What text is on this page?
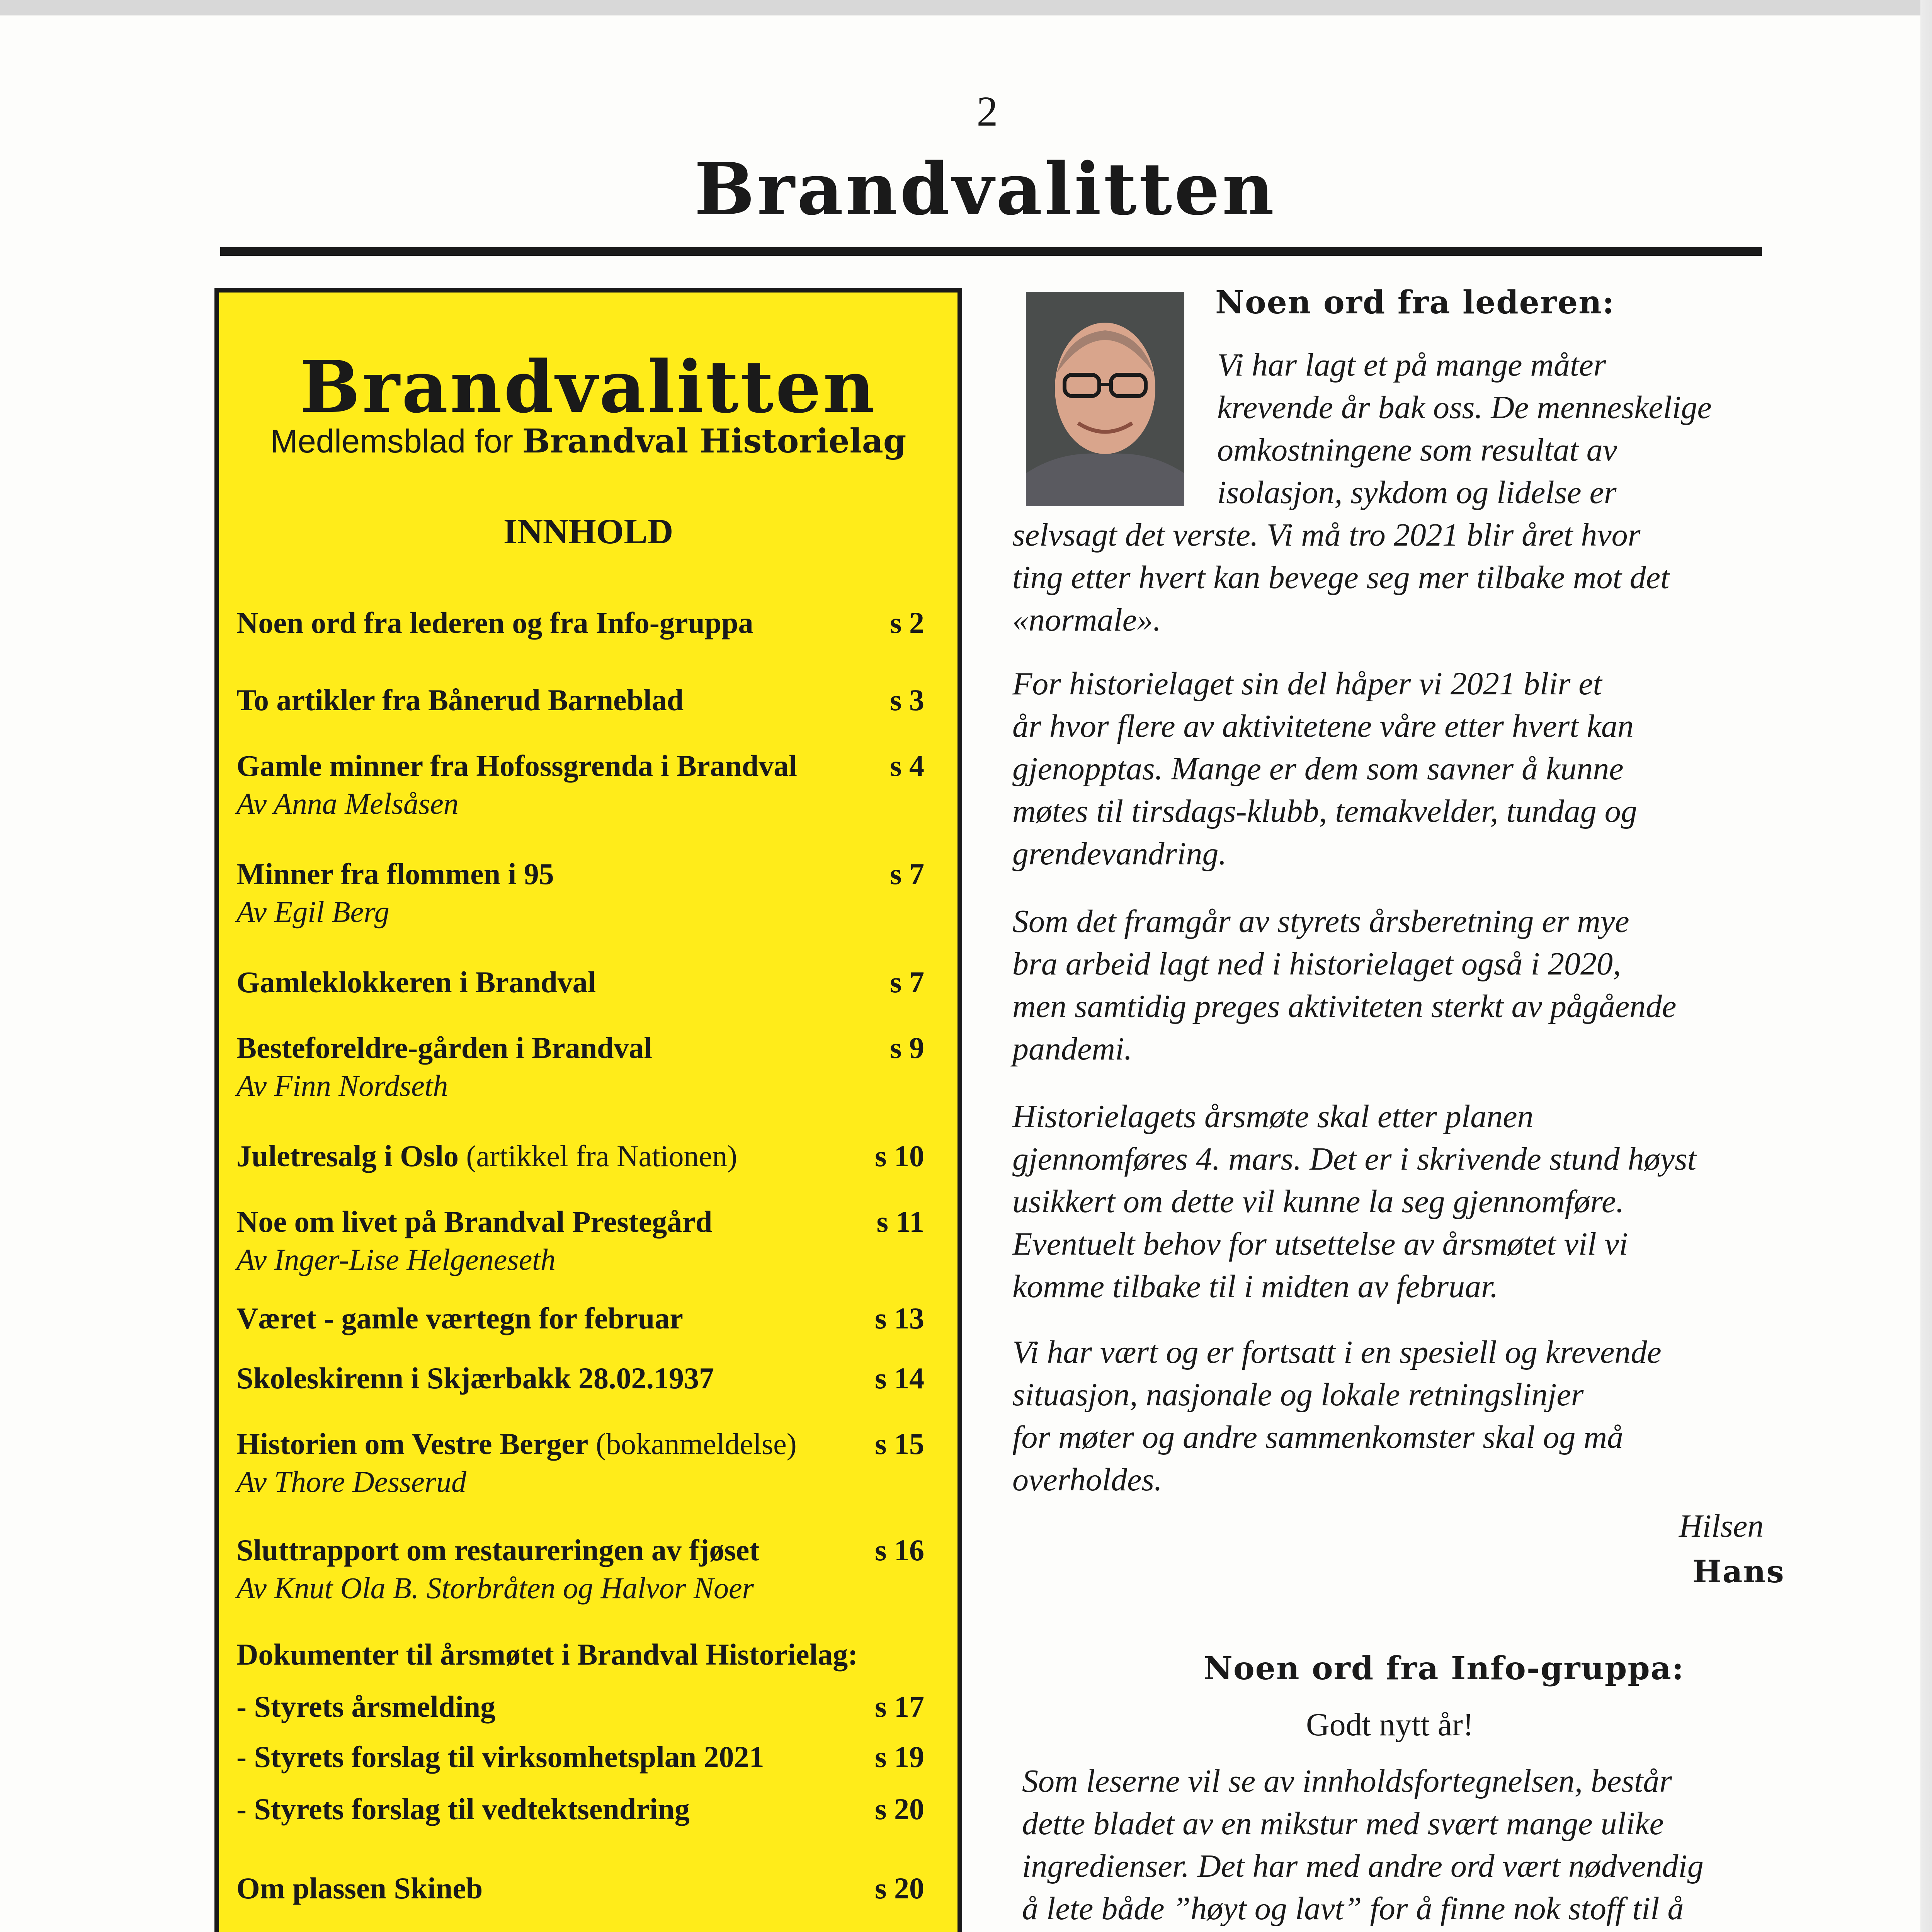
2
Brandvalitten
Brandvalitten
Medlemsblad for Brandval Historielag
INNHOLD
Noen ord fra lederen og fra Info-gruppa	s 2
To artikler fra Bånerud Barneblad	s 3
Gamle minner fra Hofossgrenda i Brandval	s 4
Av Anna Melsåsen
Minner fra flommen i 95	s 7
Av Egil Berg
Gamleklokkeren i Brandval	s 7
Besteforeldre-gården i Brandval	s 9
Av Finn Nordseth
Juletresalg i Oslo (artikkel fra Nationen)	s 10
Noe om livet på Brandval Prestegård	s 11
Av Inger-Lise Helgeneseth
Været - gamle værtegn for februar	s 13
Skoleskirenn i Skjærbakk 28.02.1937	s 14
Historien om Vestre Berger (bokanmeldelse)	s 15
Av Thore Desserud
Sluttrapport om restaureringen av fjøset	s 16
Av Knut Ola B. Storbråten og Halvor Noer
Dokumenter til årsmøtet i Brandval Historielag:
- Styrets årsmelding	s 17
- Styrets forslag til virksomhetsplan 2021	s 19
- Styrets forslag til vedtektsendring	s 20
Om plassen Skineb	s 20
Noen ord fra lederen:
Vi har lagt et på mange måter
krevende år bak oss. De menneskelige
omkostningene som resultat av
isolasjon, sykdom og lidelse er
selvsagt det verste. Vi må tro 2021 blir året hvor
ting etter hvert kan bevege seg mer tilbake mot det
«normale».
For historielaget sin del håper vi 2021 blir et
år hvor flere av aktivitetene våre etter hvert kan
gjenopptas. Mange er dem som savner å kunne
møtes til tirsdags-klubb, temakvelder, tundag og
grendevandring.
Som det framgår av styrets årsberetning er mye
bra arbeid lagt ned i historielaget også i 2020,
men samtidig preges aktiviteten sterkt av pågående
pandemi.
Historielagets årsmøte skal etter planen
gjennomføres 4. mars. Det er i skrivende stund høyst
usikkert om dette vil kunne la seg gjennomføre.
Eventuelt behov for utsettelse av årsmøtet vil vi
komme tilbake til i midten av februar.
Vi har vært og er fortsatt i en spesiell og krevende
situasjon, nasjonale og lokale retningslinjer
for møter og andre sammenkomster skal og må
overholdes.
Hilsen
Hans
Noen ord fra Info-gruppa:
Godt nytt år!
Som leserne vil se av innholdsfortegnelsen, består
dette bladet av en mikstur med svært mange ulike
ingredienser. Det har med andre ord vært nødvendig
å lete både ”høyt og lavt” for å finne nok stoff til å
